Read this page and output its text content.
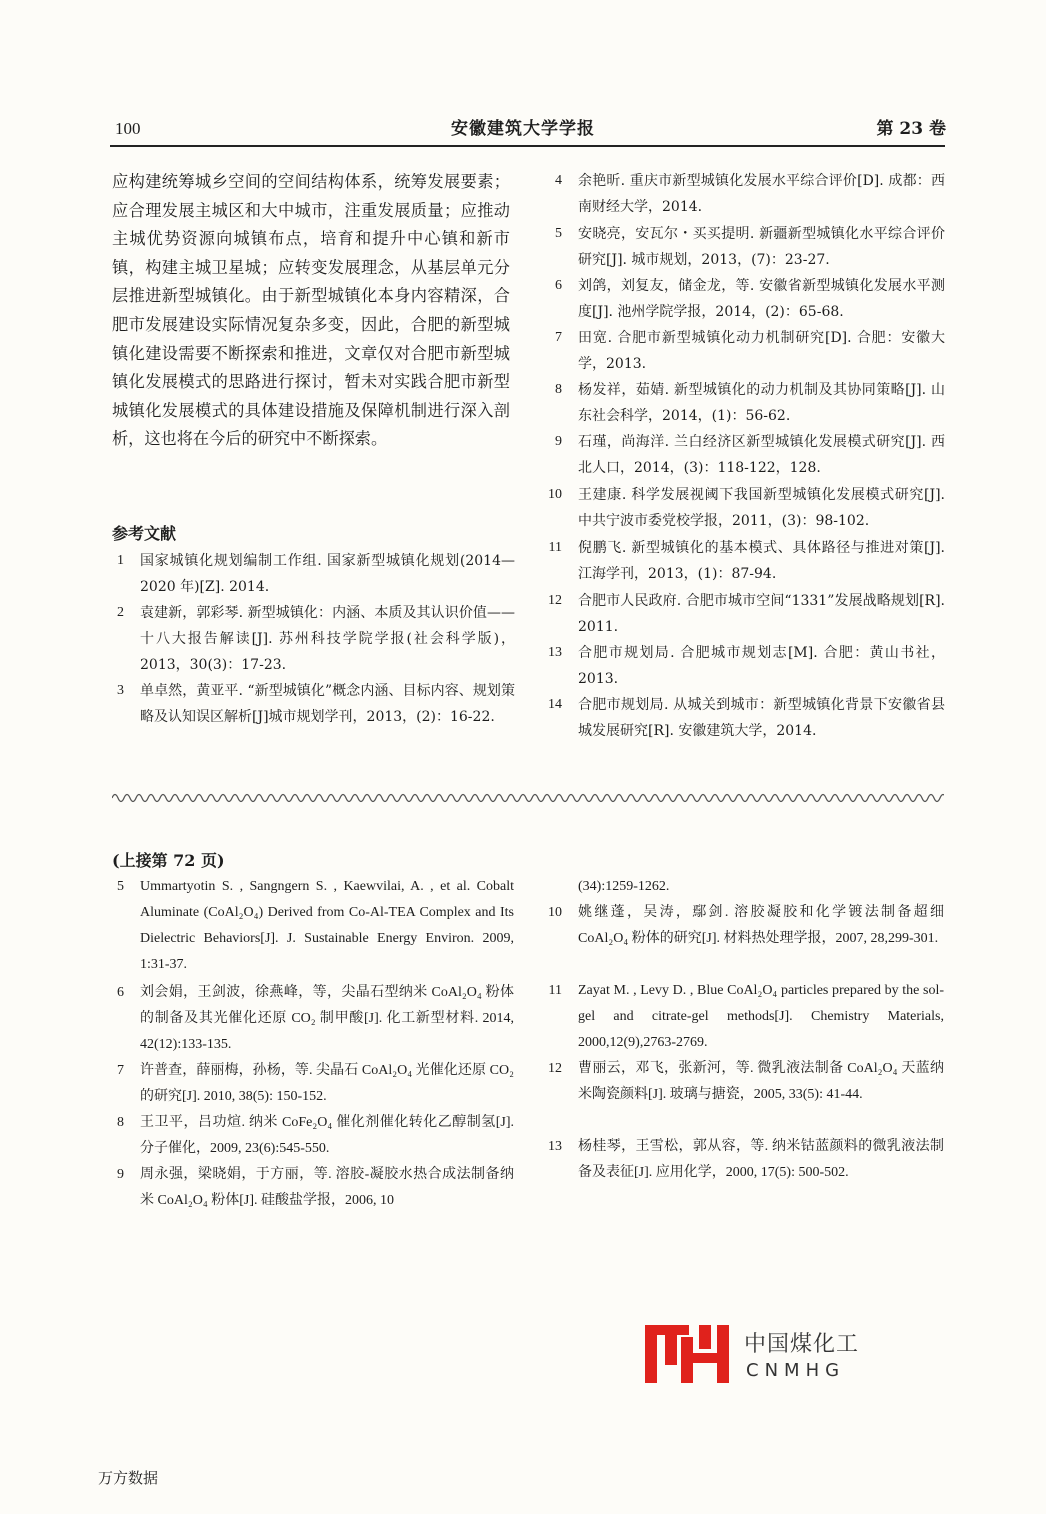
100	安徽建筑大学学报	第 23 卷
应构建统筹城乡空间的空间结构体系，统筹发展要素；应合理发展主城区和大中城市，注重发展质量；应推动主城优势资源向城镇布点，培育和提升中心镇和新市镇，构建主城卫星城；应转变发展理念，从基层单元分层推进新型城镇化。由于新型城镇化本身内容精深，合肥市发展建设实际情况复杂多变，因此，合肥的新型城镇化建设需要不断探索和推进，文章仅对合肥市新型城镇化发展模式的思路进行探讨，暂未对实践合肥市新型城镇化发展模式的具体建设措施及保障机制进行深入剖析，这也将在今后的研究中不断探索。
参考文献
1 国家城镇化规划编制工作组. 国家新型城镇化规划(2014—2020 年)[Z]. 2014.
2 袁建新，郭彩琴. 新型城镇化：内涵、本质及其认识价值——十八大报告解读[J]. 苏州科技学院学报(社会科学版)，2013，30(3)：17-23.
3 单卓然，黄亚平. “新型城镇化”概念内涵、目标内容、规划策略及认知误区解析[J]城市规划学刊，2013，(2)：16-22.
4 余艳昕. 重庆市新型城镇化发展水平综合评价[D]. 成都：西南财经大学，2014.
5 安晓亮，安瓦尔・买买提明. 新疆新型城镇化水平综合评价研究[J]. 城市规划，2013，(7)：23-27.
6 刘鸽，刘复友，储金龙，等. 安徽省新型城镇化发展水平测度[J]. 池州学院学报，2014，(2)：65-68.
7 田宽. 合肥市新型城镇化动力机制研究[D]. 合肥：安徽大学，2013.
8 杨发祥，茹婧. 新型城镇化的动力机制及其协同策略[J]. 山东社会科学，2014，(1)：56-62.
9 石瑾，尚海洋. 兰白经济区新型城镇化发展模式研究[J]. 西北人口，2014，(3)：118-122，128.
10 王建康. 科学发展视阈下我国新型城镇化发展模式研究[J]. 中共宁波市委党校学报，2011，(3)：98-102.
11 倪鹏飞. 新型城镇化的基本模式、具体路径与推进对策[J]. 江海学刊，2013，(1)：87-94.
12 合肥市人民政府. 合肥市城市空间“1331”发展战略规划[R]. 2011.
13 合肥市规划局. 合肥城市规划志[M]. 合肥：黄山书社，2013.
14 合肥市规划局. 从城关到城市：新型城镇化背景下安徽省县城发展研究[R]. 安徽建筑大学，2014.
(上接第 72 页)
5 Ummartyotin S. , Sangngern S. , Kaewvilai, A. , et al. Cobalt Aluminate (CoAl₂O₄) Derived from Co-Al-TEA Complex and Its Dielectric Behaviors[J]. J. Sustainable Energy Environ. 2009, 1:31-37.
6 刘会娟，王剑波，徐燕峰，等，尖晶石型纳米 CoAl₂O₄ 粉体的制备及其光催化还原 CO₂ 制甲酸[J]. 化工新型材料. 2014, 42(12):133-135.
7 许普查，薛丽梅，孙杨，等. 尖晶石 CoAl₂O₄ 光催化还原 CO₂ 的研究[J]. 2010, 38(5): 150-152.
8 王卫平，吕功煊. 纳米 CoFe₂O₄ 催化剂催化转化乙醇制氢[J]. 分子催化，2009, 23(6):545-550.
9 周永强，梁晓娟，于方丽，等. 溶胶-凝胶水热合成法制备纳米 CoAl₂O₄ 粉体[J]. 硅酸盐学报，2006, 10
(34):1259-1262.
10 姚继蓬，吴涛，鄢剑. 溶胶凝胶和化学镀法制备超细 CoAl₂O₄ 粉体的研究[J]. 材料热处理学报，2007, 28,299-301.
11 Zayat M. , Levy D. , Blue CoAl₂O₄ particles prepared by the sol-gel and citrate-gel methods[J]. Chemistry Materials, 2000,12(9),2763-2769.
12 曹丽云，邓飞，张新河，等. 微乳液法制备 CoAl₂O₄ 天蓝纳米陶瓷颜料[J]. 玻璃与搪瓷，2005, 33(5): 41-44.
13 杨桂琴，王雪松，郭从容，等. 纳米钴蓝颜料的微乳液法制备及表征[J]. 应用化学，2000, 17(5): 500-502.
中国煤化工
CNMHG
万方数据
